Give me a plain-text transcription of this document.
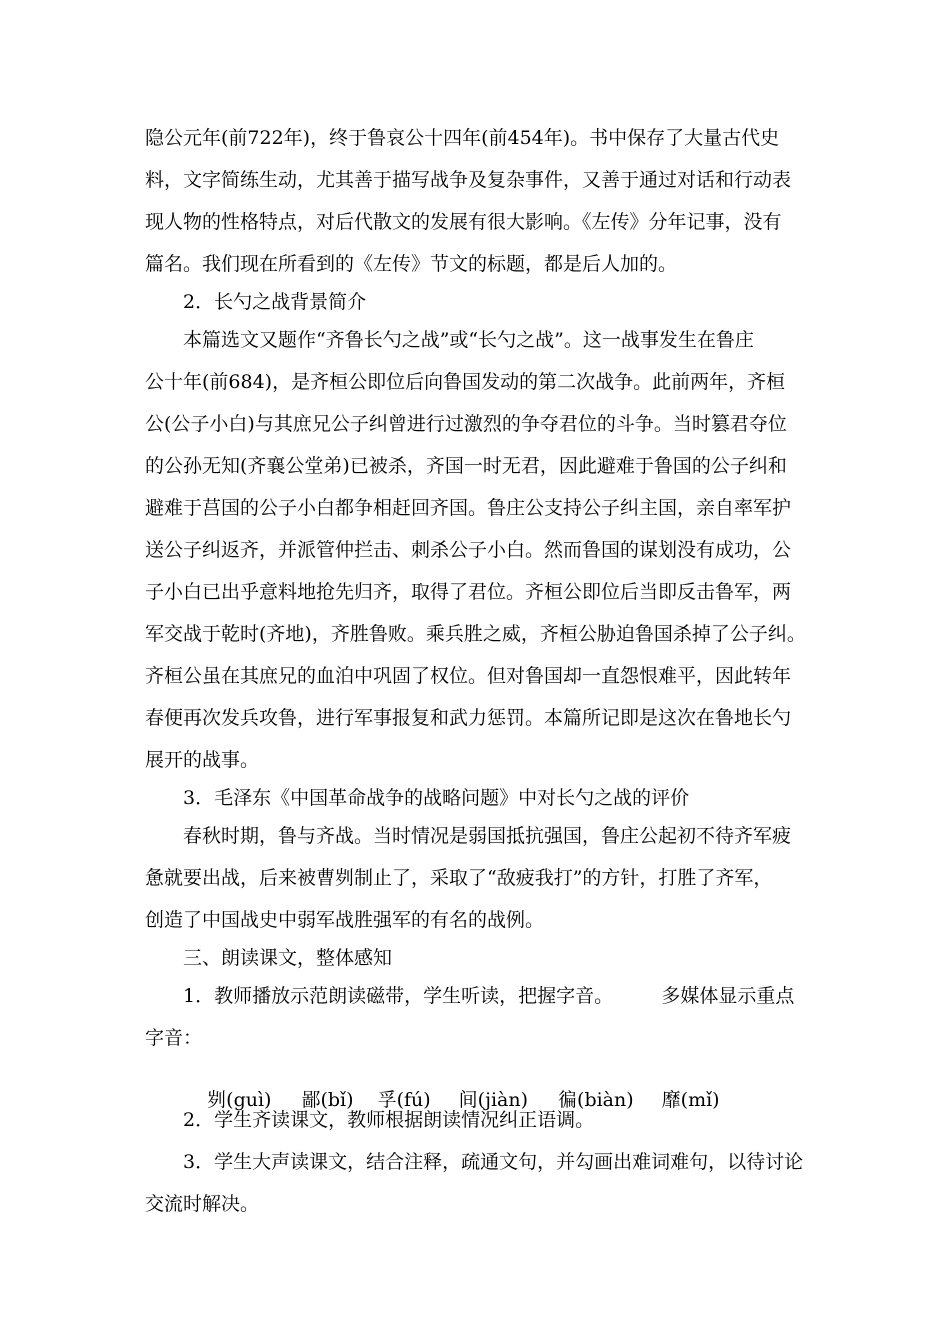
隐公元年(前722年)，终于鲁哀公十四年(前454年)。书中保存了大量古代史
料，文字简练生动，尤其善于描写战争及复杂事件，又善于通过对话和行动表
现人物的性格特点，对后代散文的发展有很大影响。《左传》分年记事，没有
篇名。我们现在所看到的《左传》节文的标题，都是后人加的。
2．长勺之战背景简介
本篇选文又题作“齐鲁长勺之战”或“长勺之战”。这一战事发生在鲁庄
公十年(前684)，是齐桓公即位后向鲁国发动的第二次战争。此前两年，齐桓
公(公子小白)与其庶兄公子纠曾进行过激烈的争夺君位的斗争。当时篡君夺位
的公孙无知(齐襄公堂弟)已被杀，齐国一时无君，因此避难于鲁国的公子纠和
避难于莒国的公子小白都争相赶回齐国。鲁庄公支持公子纠主国，亲自率军护
送公子纠返齐，并派管仲拦击、刺杀公子小白。然而鲁国的谋划没有成功，公
子小白已出乎意料地抢先归齐，取得了君位。齐桓公即位后当即反击鲁军，两
军交战于乾时(齐地)，齐胜鲁败。乘兵胜之威，齐桓公胁迫鲁国杀掉了公子纠。
齐桓公虽在其庶兄的血泊中巩固了权位。但对鲁国却一直怨恨难平，因此转年
春便再次发兵攻鲁，进行军事报复和武力惩罚。本篇所记即是这次在鲁地长勺
展开的战事。
3．毛泽东《中国革命战争的战略问题》中对长勺之战的评价
春秋时期，鲁与齐战。当时情况是弱国抵抗强国，鲁庄公起初不待齐军疲
惫就要出战，后来被曹刿制止了，采取了“敌疲我打”的方针，打胜了齐军，
创造了中国战史中弱军战胜强军的有名的战例。
三、朗读课文，整体感知
1．教师播放示范朗读磁带，学生听读，把握字音。        多媒体显示重点
字音：

刿(guì) 鄙(bǐ) 孚(fú) 间(jiàn) 徧(biàn) 靡(mǐ)

2．学生齐读课文，教师根据朗读情况纠正语调。
3．学生大声读课文，结合注释，疏通文句，并勾画出难词难句，以待讨论
交流时解决。
